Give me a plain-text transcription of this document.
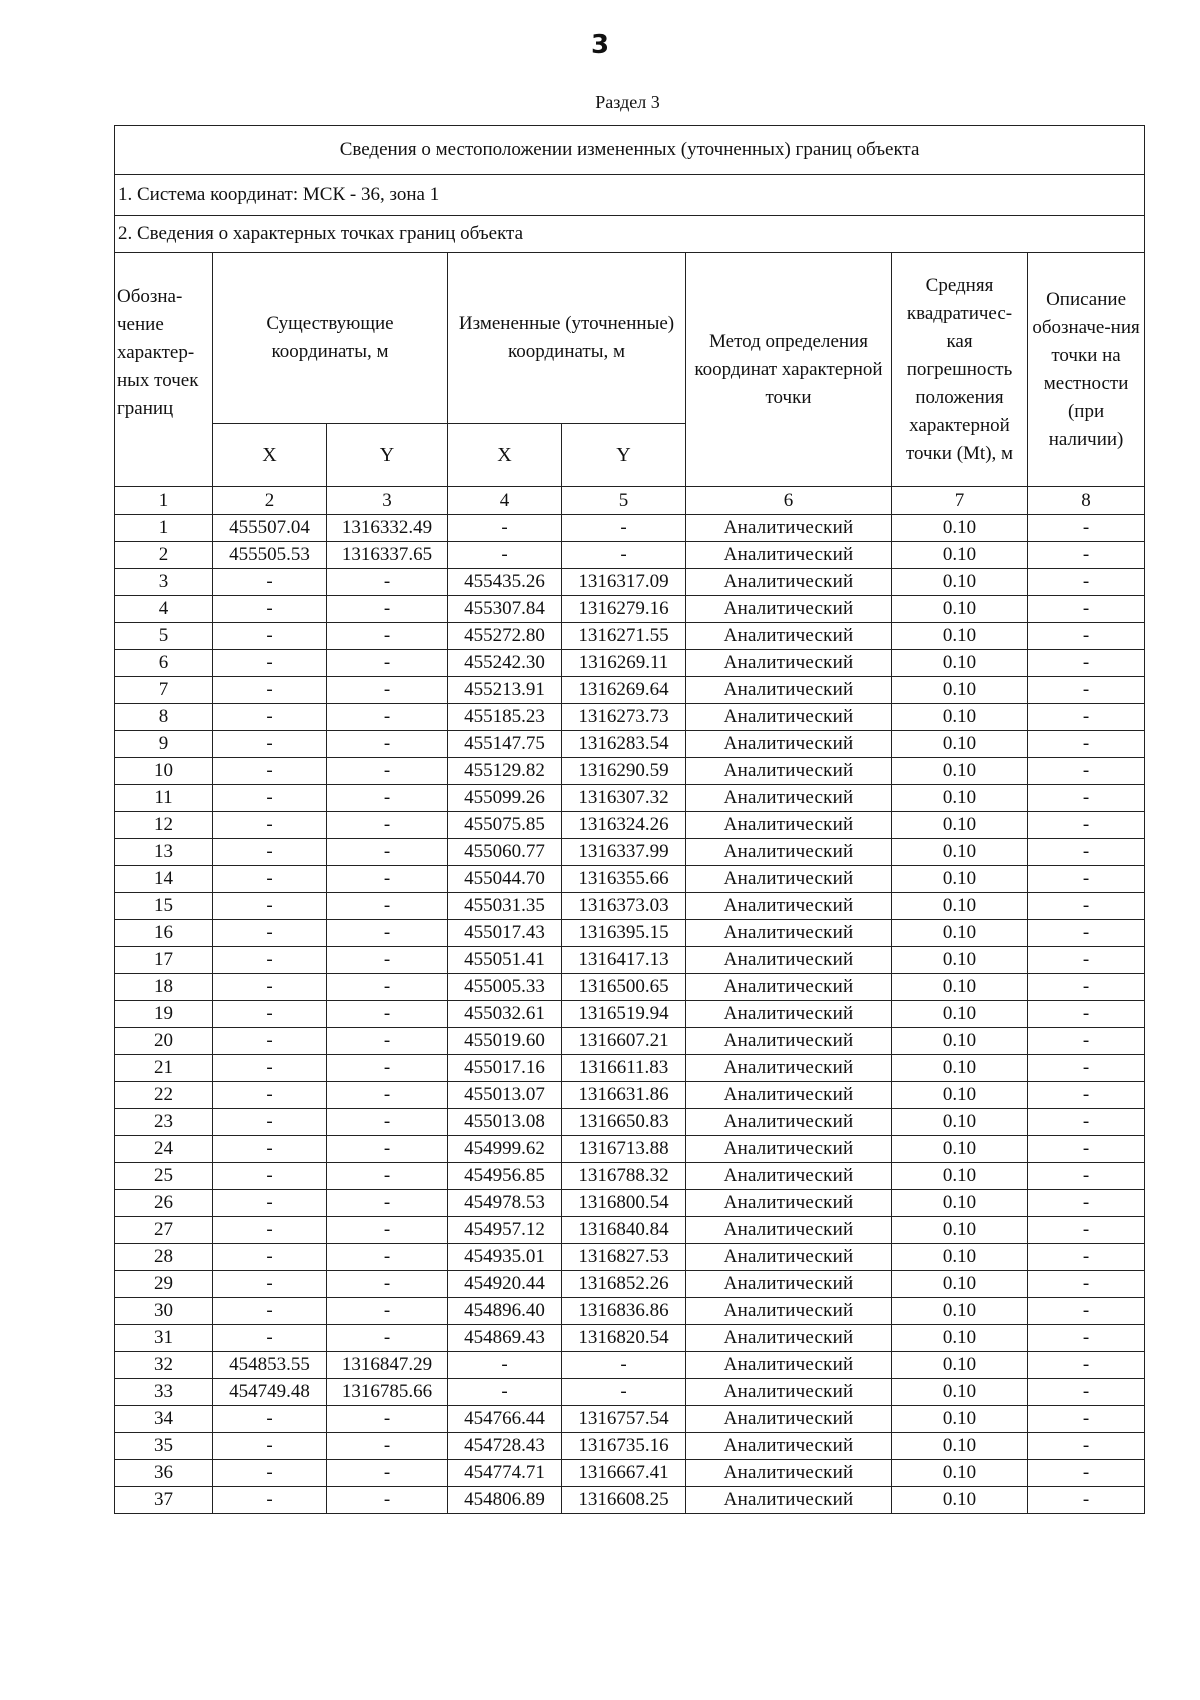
3
Раздел 3
Сведения о местоположении измененных (уточненных) границ объекта							
1. Система координат: МСК - 36, зона 1							
2. Сведения о характерных точках границ объекта							
Обозна-чение характер-ных точек границ	Существующие координаты, м		Измененные (уточненные) координаты, м		Метод определения координат характерной точки	Средняя квадратичес-кая погрешность положения характерной точки (Mt), м	Описание обозначе-ния точки на местности (при наличии)
	X	Y	X	Y			
1	2	3	4	5	6	7	8
1	455507.04	1316332.49	-	-	Аналитический	0.10	-
2	455505.53	1316337.65	-	-	Аналитический	0.10	-
3	-	-	455435.26	1316317.09	Аналитический	0.10	-
4	-	-	455307.84	1316279.16	Аналитический	0.10	-
5	-	-	455272.80	1316271.55	Аналитический	0.10	-
6	-	-	455242.30	1316269.11	Аналитический	0.10	-
7	-	-	455213.91	1316269.64	Аналитический	0.10	-
8	-	-	455185.23	1316273.73	Аналитический	0.10	-
9	-	-	455147.75	1316283.54	Аналитический	0.10	-
10	-	-	455129.82	1316290.59	Аналитический	0.10	-
11	-	-	455099.26	1316307.32	Аналитический	0.10	-
12	-	-	455075.85	1316324.26	Аналитический	0.10	-
13	-	-	455060.77	1316337.99	Аналитический	0.10	-
14	-	-	455044.70	1316355.66	Аналитический	0.10	-
15	-	-	455031.35	1316373.03	Аналитический	0.10	-
16	-	-	455017.43	1316395.15	Аналитический	0.10	-
17	-	-	455051.41	1316417.13	Аналитический	0.10	-
18	-	-	455005.33	1316500.65	Аналитический	0.10	-
19	-	-	455032.61	1316519.94	Аналитический	0.10	-
20	-	-	455019.60	1316607.21	Аналитический	0.10	-
21	-	-	455017.16	1316611.83	Аналитический	0.10	-
22	-	-	455013.07	1316631.86	Аналитический	0.10	-
23	-	-	455013.08	1316650.83	Аналитический	0.10	-
24	-	-	454999.62	1316713.88	Аналитический	0.10	-
25	-	-	454956.85	1316788.32	Аналитический	0.10	-
26	-	-	454978.53	1316800.54	Аналитический	0.10	-
27	-	-	454957.12	1316840.84	Аналитический	0.10	-
28	-	-	454935.01	1316827.53	Аналитический	0.10	-
29	-	-	454920.44	1316852.26	Аналитический	0.10	-
30	-	-	454896.40	1316836.86	Аналитический	0.10	-
31	-	-	454869.43	1316820.54	Аналитический	0.10	-
32	454853.55	1316847.29	-	-	Аналитический	0.10	-
33	454749.48	1316785.66	-	-	Аналитический	0.10	-
34	-	-	454766.44	1316757.54	Аналитический	0.10	-
35	-	-	454728.43	1316735.16	Аналитический	0.10	-
36	-	-	454774.71	1316667.41	Аналитический	0.10	-
37	-	-	454806.89	1316608.25	Аналитический	0.10	-
